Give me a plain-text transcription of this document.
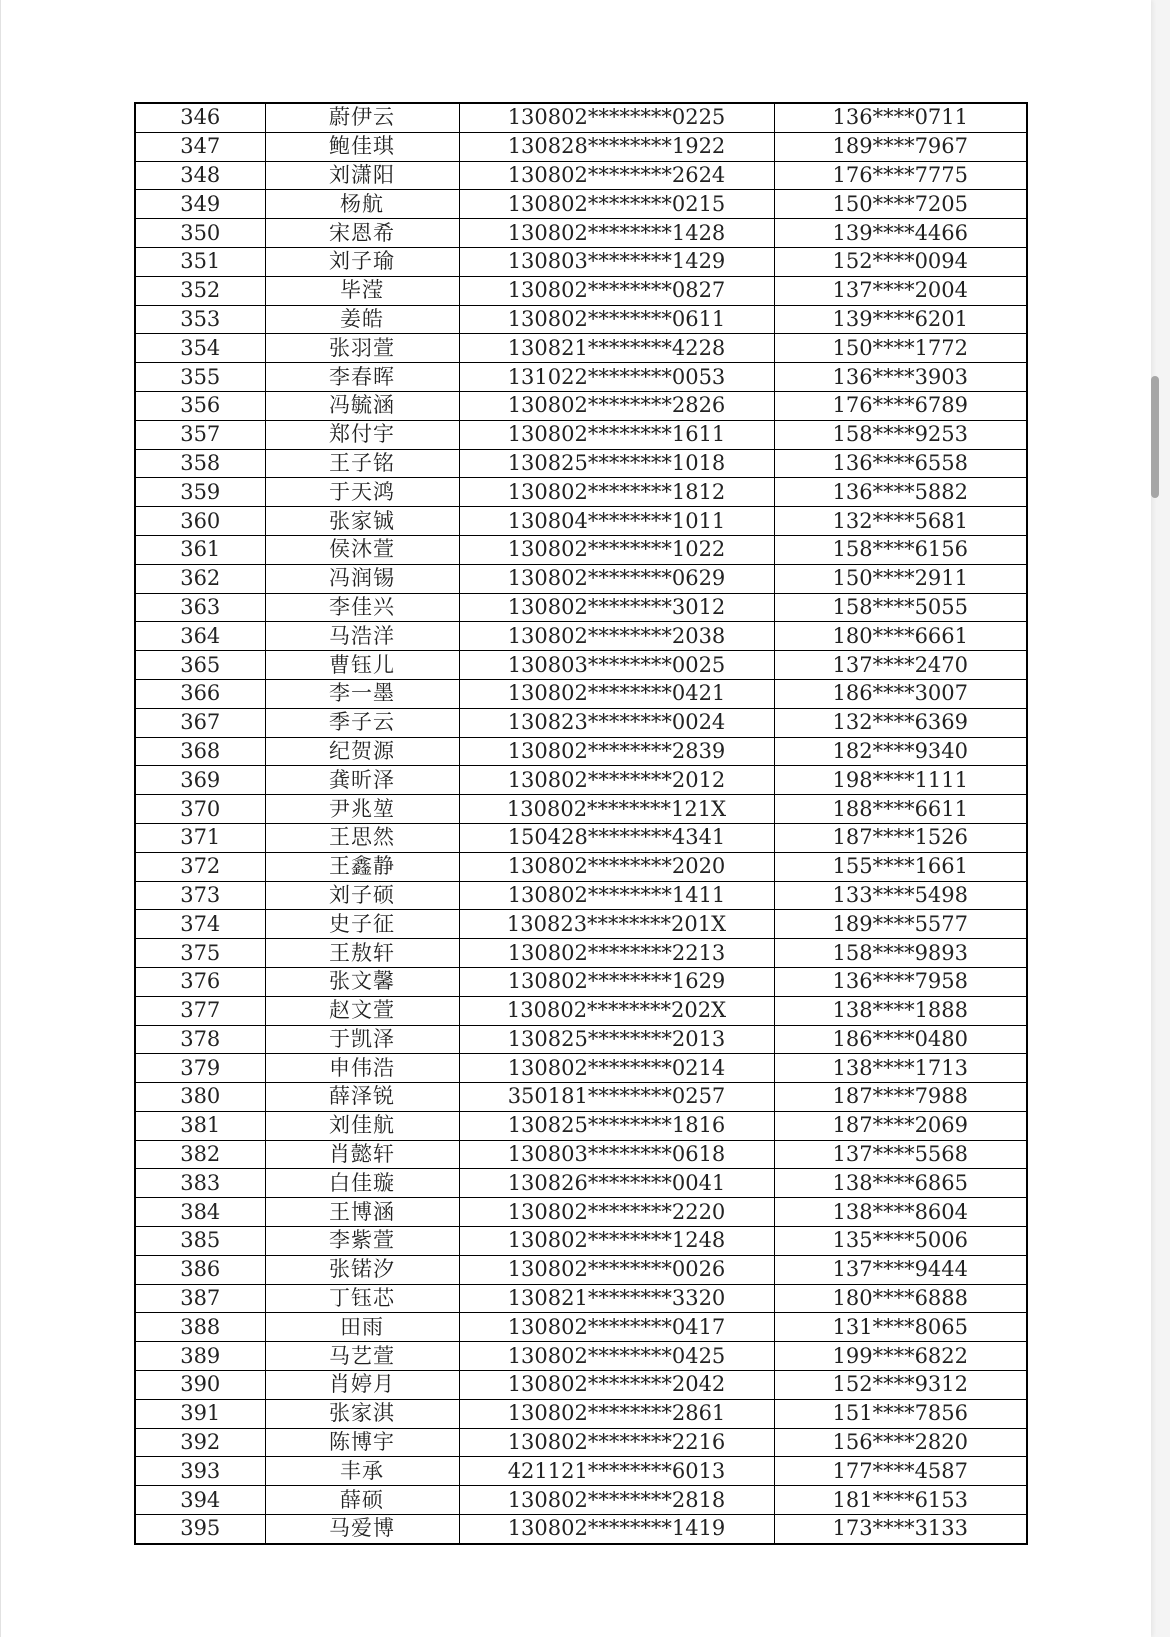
346	蔚伊云	130802********0225	136****0711
347	鲍佳琪	130828********1922	189****7967
348	刘潇阳	130802********2624	176****7775
349	杨航	130802********0215	150****7205
350	宋恩希	130802********1428	139****4466
351	刘子瑜	130803********1429	152****0094
352	毕滢	130802********0827	137****2004
353	姜皓	130802********0611	139****6201
354	张羽萱	130821********4228	150****1772
355	李春晖	131022********0053	136****3903
356	冯毓涵	130802********2826	176****6789
357	郑付宇	130802********1611	158****9253
358	王子铭	130825********1018	136****6558
359	于天鸿	130802********1812	136****5882
360	张家铖	130804********1011	132****5681
361	侯沐萱	130802********1022	158****6156
362	冯润锡	130802********0629	150****2911
363	李佳兴	130802********3012	158****5055
364	马浩洋	130802********2038	180****6661
365	曹钰儿	130803********0025	137****2470
366	李一墨	130802********0421	186****3007
367	季子云	130823********0024	132****6369
368	纪贺源	130802********2839	182****9340
369	龚昕泽	130802********2012	198****1111
370	尹兆堃	130802********121X	188****6611
371	王思然	150428********4341	187****1526
372	王鑫静	130802********2020	155****1661
373	刘子硕	130802********1411	133****5498
374	史子征	130823********201X	189****5577
375	王敖轩	130802********2213	158****9893
376	张文馨	130802********1629	136****7958
377	赵文萱	130802********202X	138****1888
378	于凯泽	130825********2013	186****0480
379	申伟浩	130802********0214	138****1713
380	薛泽锐	350181********0257	187****7988
381	刘佳航	130825********1816	187****2069
382	肖懿轩	130803********0618	137****5568
383	白佳璇	130826********0041	138****6865
384	王博涵	130802********2220	138****8604
385	李紫萱	130802********1248	135****5006
386	张锘汐	130802********0026	137****9444
387	丁钰芯	130821********3320	180****6888
388	田雨	130802********0417	131****8065
389	马艺萱	130802********0425	199****6822
390	肖婷月	130802********2042	152****9312
391	张家淇	130802********2861	151****7856
392	陈博宇	130802********2216	156****2820
393	丰承	421121********6013	177****4587
394	薛硕	130802********2818	181****6153
395	马爱博	130802********1419	173****3133
